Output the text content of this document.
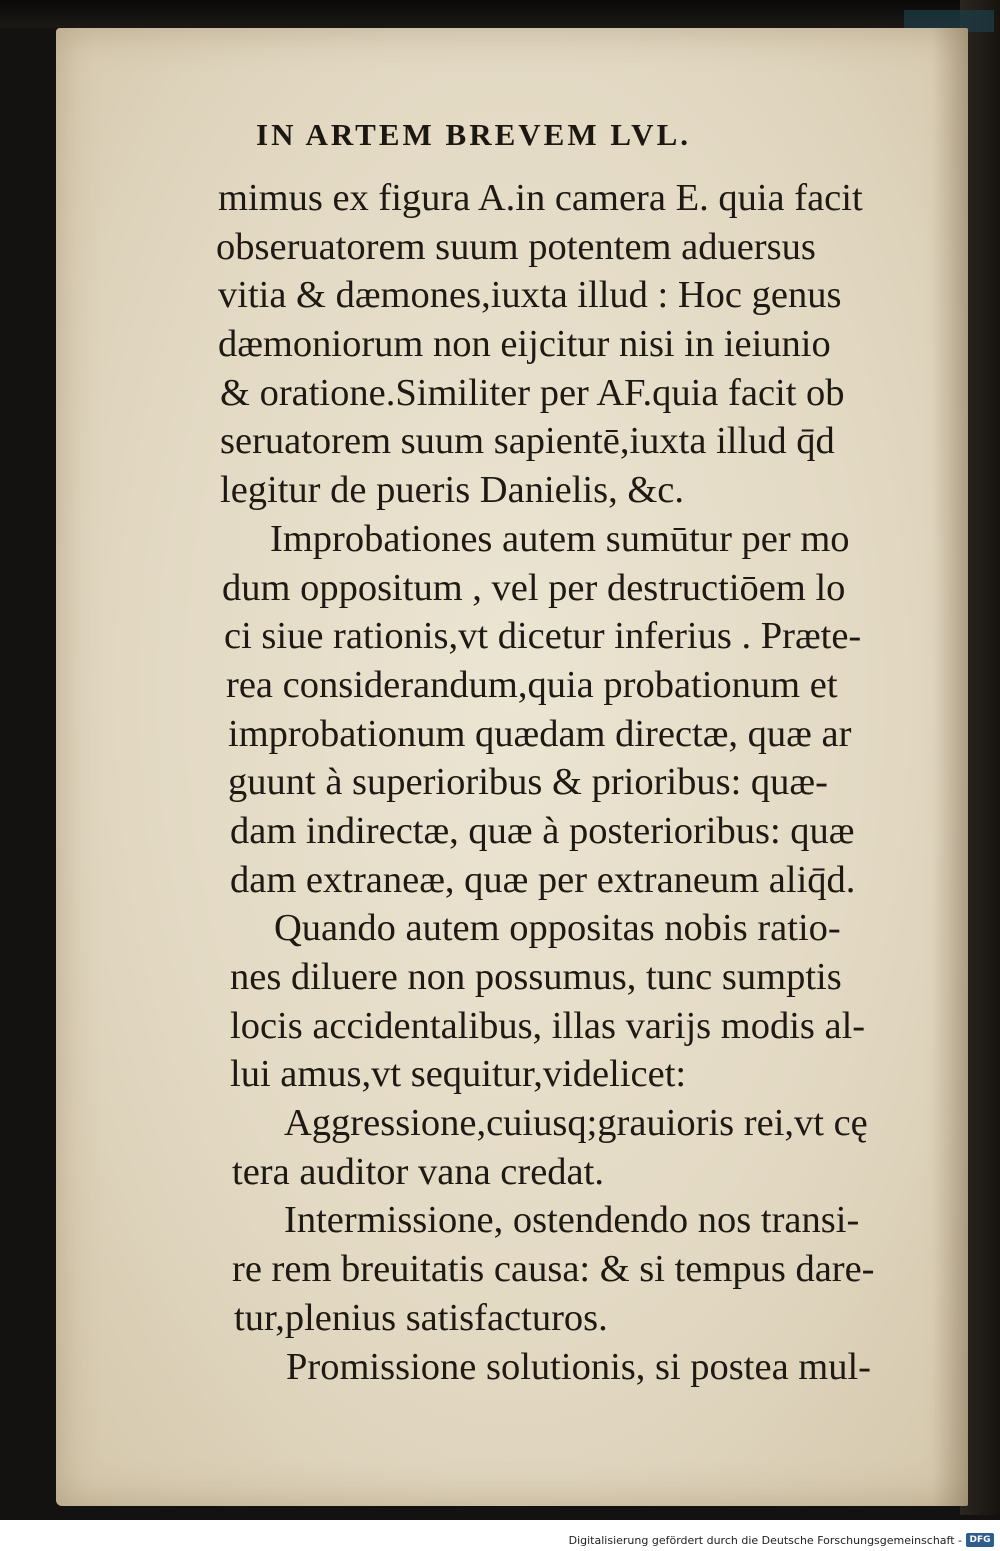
IN ARTEM BREVEM LVL.
mimus ex figura A.in camera E. quia facit
obseruatorem suum potentem aduersus
vitia & dæmones,iuxta illud : Hoc genus
dæmoniorum non eijcitur nisi in ieiunio
& oratione.Similiter per AF.quia facit ob
seruatorem suum sapientē,iuxta illud q̄d
legitur de pueris Danielis, &c.
Improbationes autem sumūtur per mo
dum oppositum , vel per destructiōem lo
ci siue rationis,vt dicetur inferius . Præte-
rea considerandum,quia probationum et
improbationum quædam directæ, quæ ar
guunt à superioribus & prioribus: quæ-
dam indirectæ, quæ à posterioribus: quæ
dam extraneæ, quæ per extraneum aliq̄d.
Quando autem oppositas nobis ratio-
nes diluere non possumus, tunc sumptis
locis accidentalibus, illas varijs modis al-
lui amus,vt sequitur,videlicet:
Aggressione,cuiusq;grauioris rei,vt cę
tera auditor vana credat.
Intermissione, ostendendo nos transi-
re rem breuitatis causa: & si tempus dare-
tur,plenius satisfacturos.
Promissione solutionis, si postea mul-
Digitalisierung gefördert durch die Deutsche Forschungsgemeinschaft - DFG
